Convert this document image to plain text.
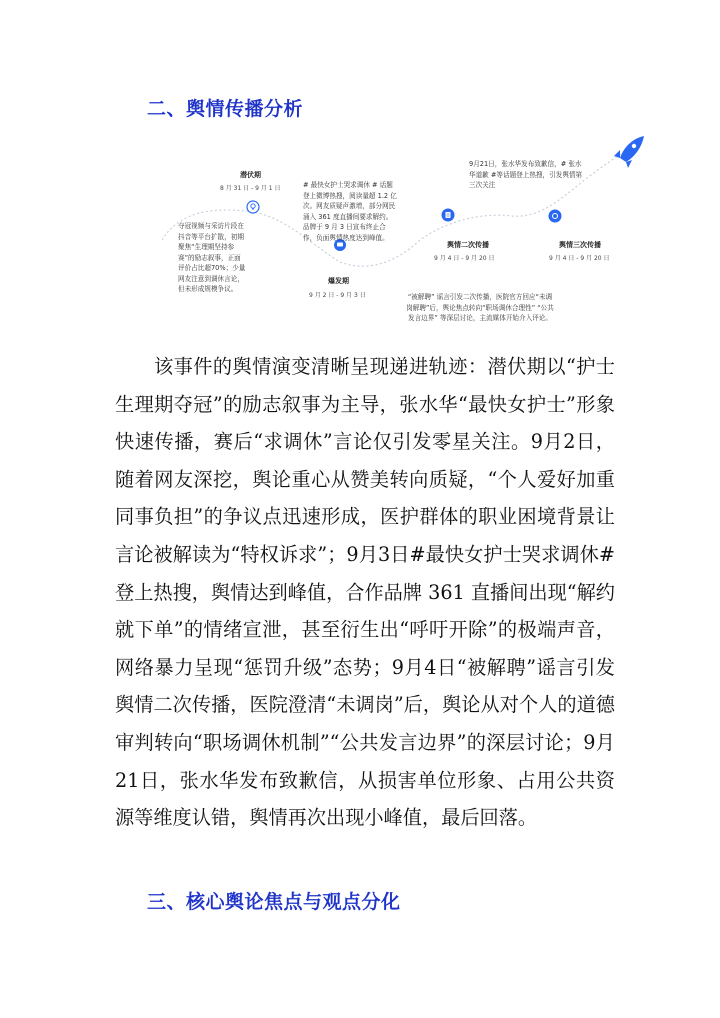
二、舆情传播分析
潜伏期
8 月 31 日 - 9 月 1 日

夺冠视频与采访片段在抖音等平台扩散，初期聚焦“生理期坚持参赛”的励志叙事，正面评价占比超70%；少量网友注意到调休言论，但未形成规模争议。

# 最快女护士哭求调休 # 话题登上微博热搜，阅读量超 1.2 亿次。网友质疑声激增，部分网民涌入 361 度直播间要求解约。品牌于 9 月 3 日宣布终止合作，负面舆情热度达到峰值。

爆发期
9 月 2 日 - 9 月 3 日
舆情二次传播
9 月 4 日 - 9 月 20 日

“被解聘” 谣言引发二次传播，医院官方回应“未调岗解聘”后，舆论焦点转向“职场调休合理性” “公共发言边界” 等深层讨论，主流媒体开始介入评论。

9月21日，张水华发布致歉信，# 张水华道歉 #等话题登上热搜，引发舆情第三次关注

舆情三次传播
9 月 4 日 - 9 月 20 日

该事件的舆情演变清晰呈现递进轨迹：潜伏期以“护士生理期夺冠”的励志叙事为主导，张水华“最快女护士”形象快速传播，赛后“求调休”言论仅引发零星关注。9月2日，随着网友深挖，舆论重心从赞美转向质疑，“个人爱好加重同事负担”的争议点迅速形成，医护群体的职业困境背景让言论被解读为“特权诉求”；9月3日#最快女护士哭求调休#登上热搜，舆情达到峰值，合作品牌 361 直播间出现“解约就下单”的情绪宣泄，甚至衍生出“呼吁开除”的极端声音，网络暴力呈现“惩罚升级”态势；9月4日“被解聘”谣言引发舆情二次传播，医院澄清“未调岗”后，舆论从对个人的道德审判转向“职场调休机制”“公共发言边界”的深层讨论；9月21日，张水华发布致歉信，从损害单位形象、占用公共资源等维度认错，舆情再次出现小峰值，最后回落。

三、核心舆论焦点与观点分化
